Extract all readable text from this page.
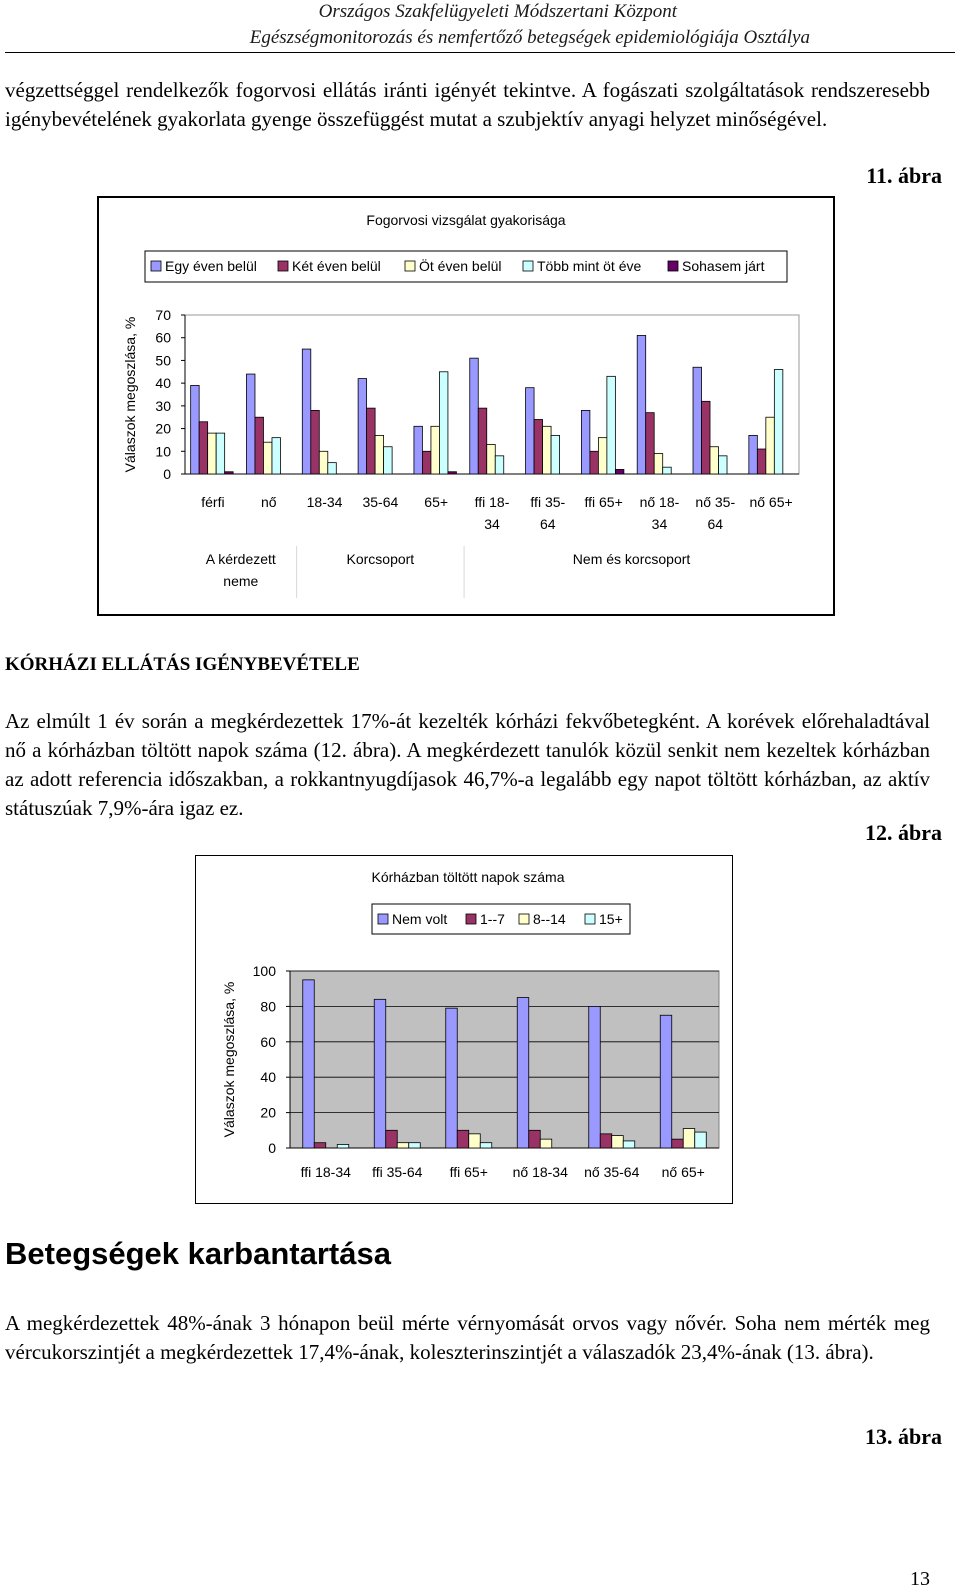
Országos Szakfelügyeleti Módszertani Központ
Egészségmonitorozás és nemfertőző betegségek epidemiológiája Osztálya

végzettséggel rendelkezők fogorvosi ellátás iránti igényét tekintve. A fogászati szolgáltatások rendszeresebb igénybevételének gyakorlata gyenge összefüggést mutat a szubjektív anyagi helyzet minőségével.

11. ábra
Fogorvosi vizsgálat gyakorisága
Egy éven belül	Két éven belül	Öt éven belül	Több mint öt éve	Sohasem járt
Válaszok megoszlása, %
0
10
20
30
40
50
60
70
férfi	nő 18-34 35-64 65+ ffi 18-
34
ffi 35-
64
ffi 65+ nő 18-
34
nő 35-
64
nő 65+
A kérdezett
neme
Korcsoport	Nem és korcsoport
KÓRHÁZI ELLÁTÁS IGÉNYBEVÉTELE

Az elmúlt 1 év során a megkérdezettek 17%-át kezelték kórházi fekvőbetegként. A korévek előrehaladtával nő a kórházban töltött napok száma (12. ábra). A megkérdezett tanulók közül senkit nem kezeltek kórházban az adott referencia időszakban, a rokkantnyugdíjasok 46,7%-a legalább egy napot töltött kórházban, az aktív státuszúak 7,9%-ára igaz ez.

12. ábra
Kórházban töltött napok száma
Nem volt 1--7 8--14 15+
Válaszok megoszlása, %
0
20
40
60
80
100
ffi 18-34 ffi 35-64 ffi 65+ nő 18-34 nő 35-64 nő 65+
Betegségek karbantartása

A megkérdezettek 48%-ának 3 hónapon beül mérte vérnyomását orvos vagy nővér. Soha nem mérték meg vércukorszintjét a megkérdezettek 17,4%-ának, koleszterinszintjét a válaszadók 23,4%-ának (13. ábra).

13. ábra
13
